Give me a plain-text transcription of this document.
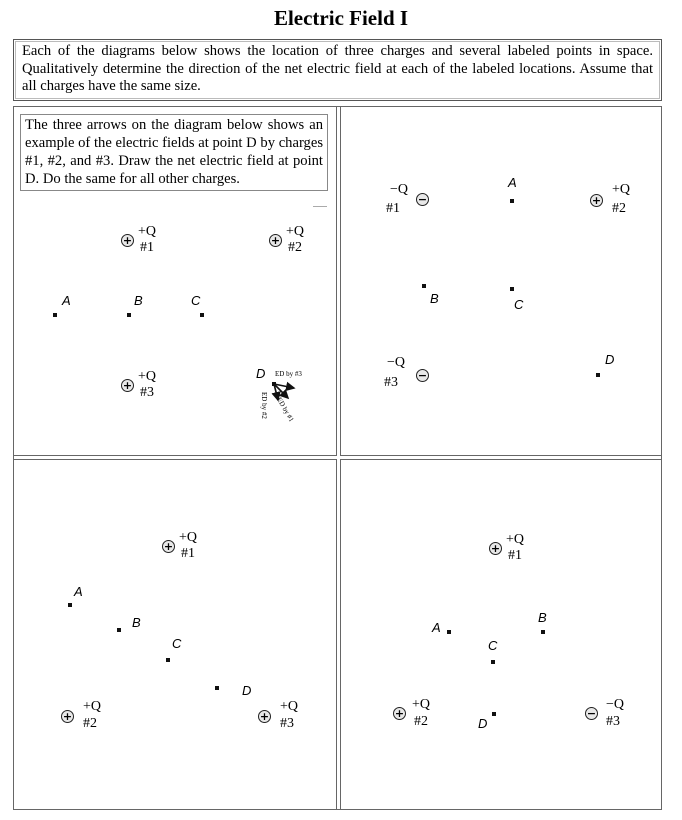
Electric Field I

Each of the diagrams below shows the location of three charges and several labeled points in space. Qualitatively determine the direction of the net electric field at each of the labeled locations. Assume that all charges have the same size.

The three arrows on the diagram below shows an example of the electric fields at point D by charges #1, #2, and #3. Draw the net electric field at point D. Do the same for all other charges.
+
+Q
#1	+
+Q
#2
+
+Q
#3
A	B	C
D ED by #3
ED by #2 ED by #1
−Q
#1
−	+
+Q
#2
−Q
#3 −
A
B	C
D
+
+Q
#1
+
+Q
#2	+
+Q
#3
A
B
C
D
+
+Q
#1
+
+Q
#2
−
−Q
#3
A
B
C
D
